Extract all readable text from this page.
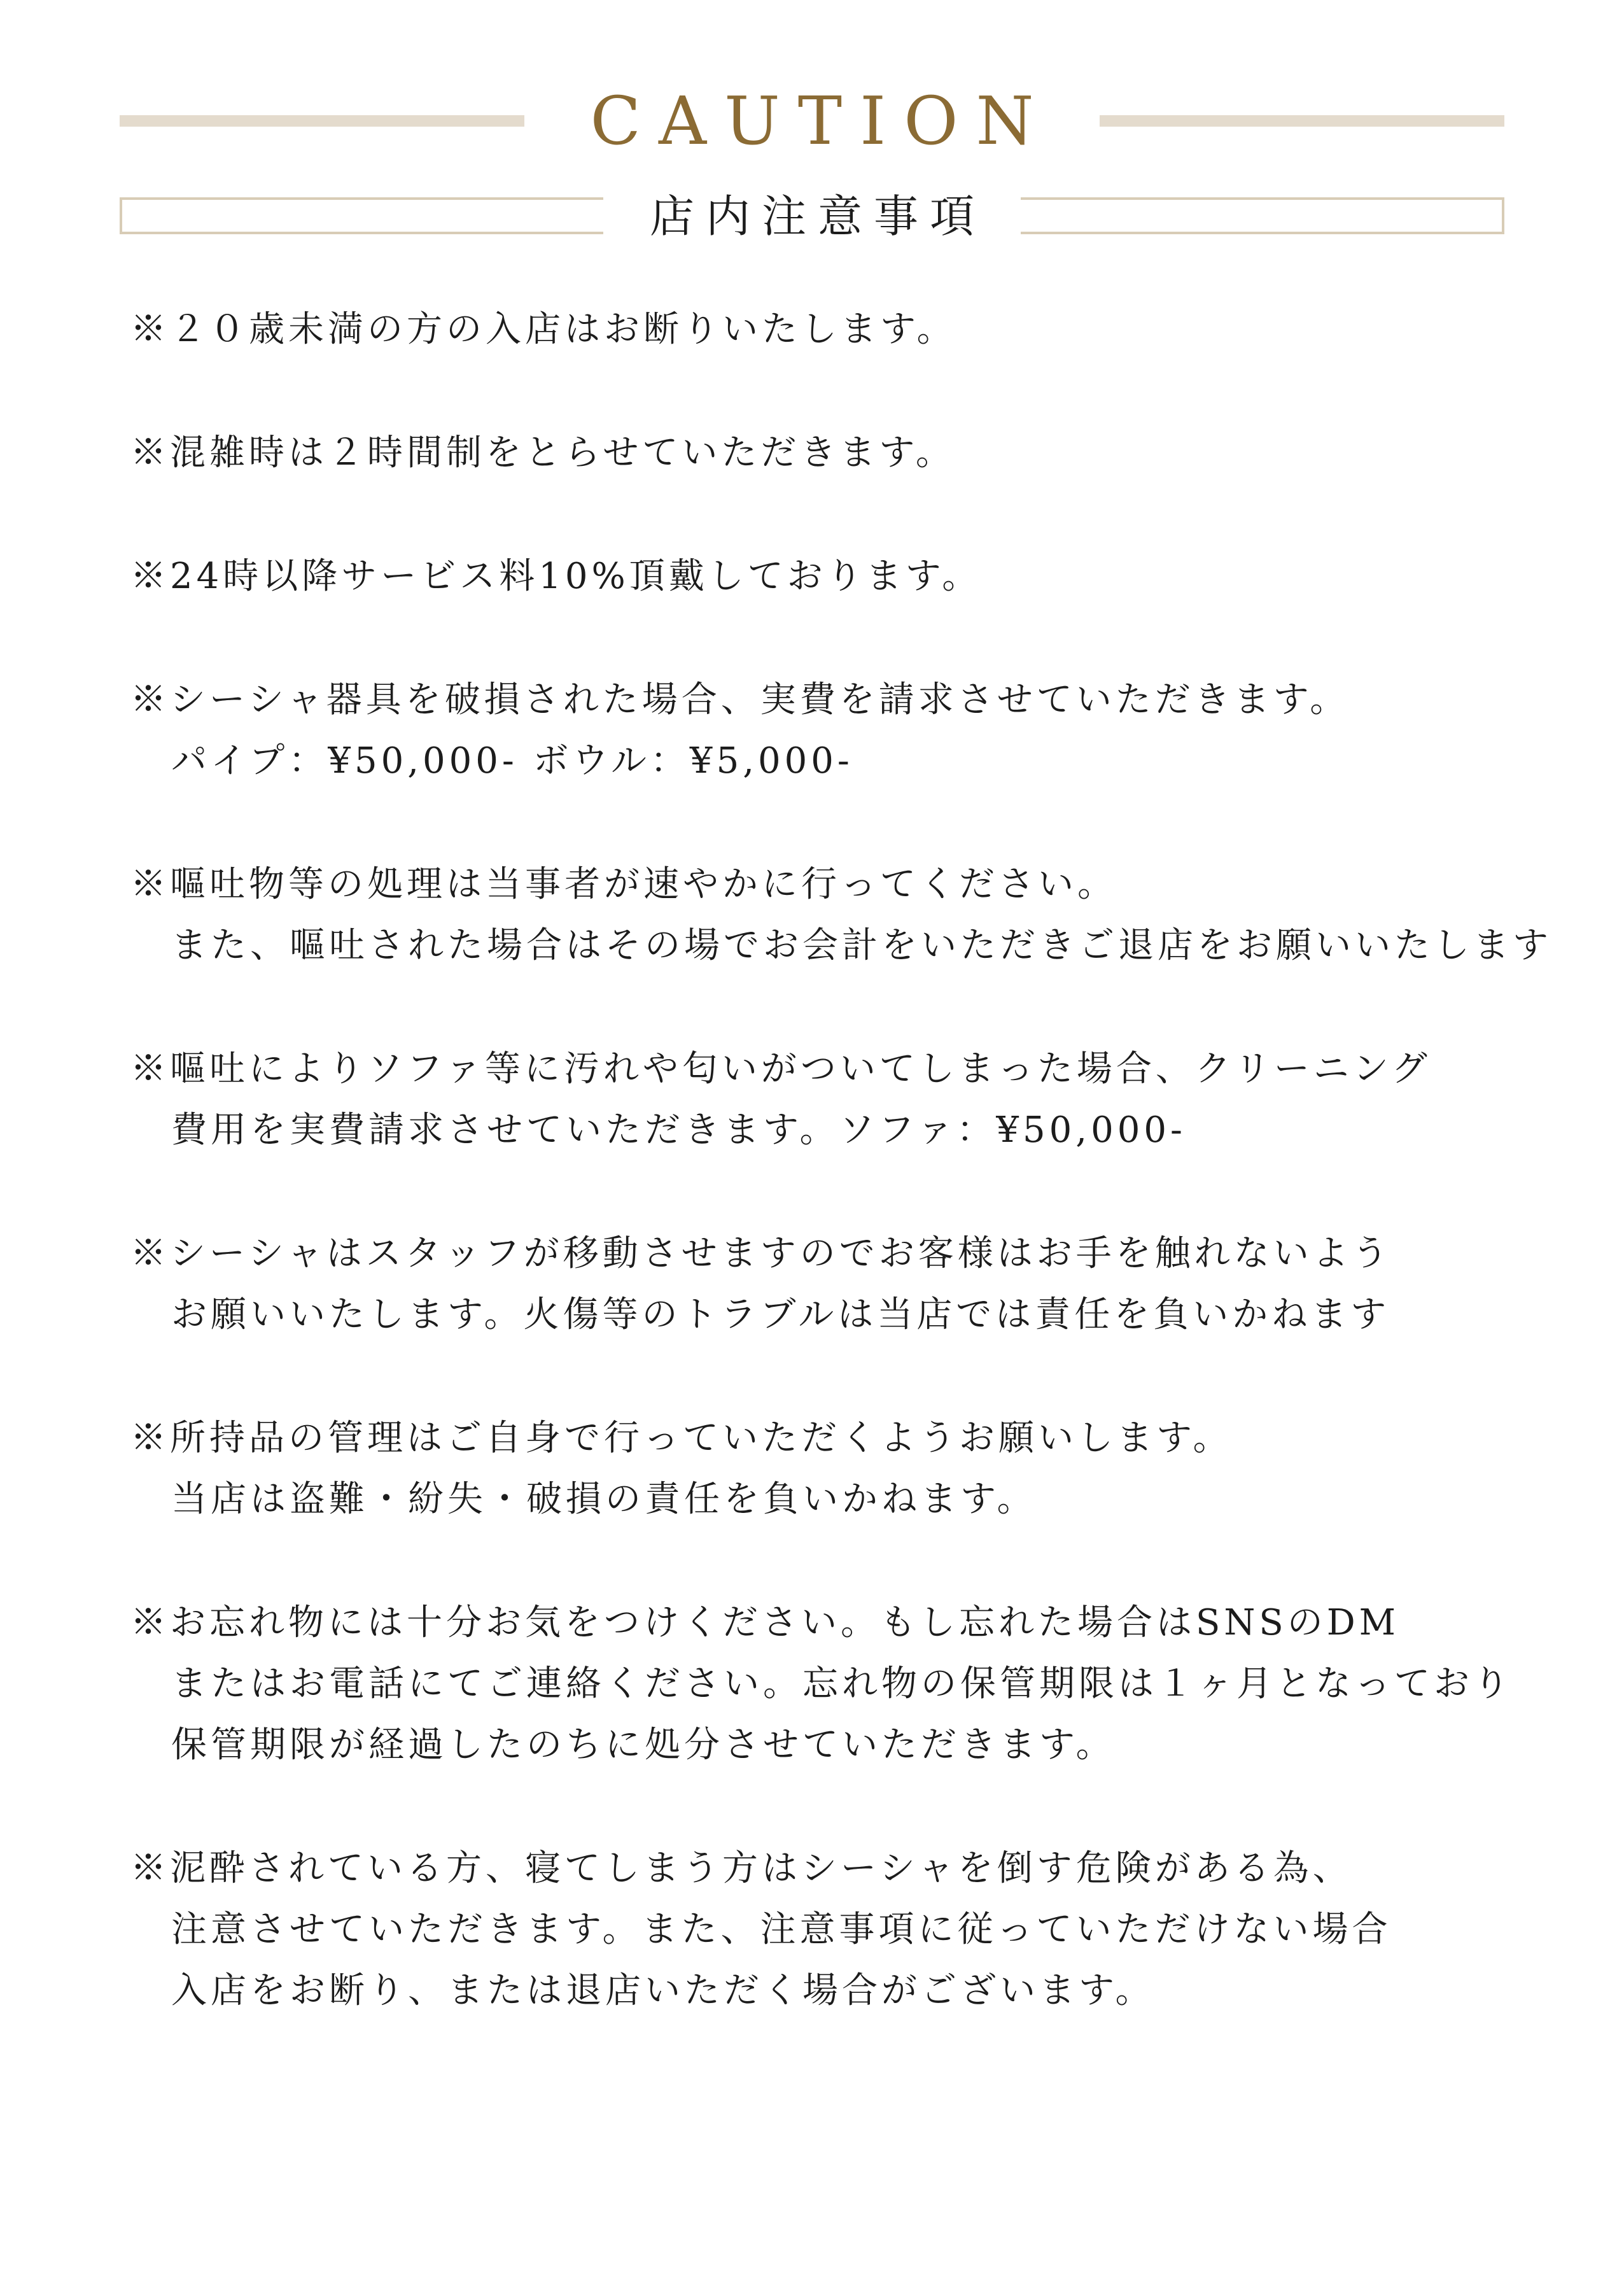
CAUTION
店内注意事項
※２０歳未満の方の入店はお断りいたします。
※混雑時は２時間制をとらせていただきます。
※24時以降サービス料10%頂戴しております。
※シーシャ器具を破損された場合、実費を請求させていただきます。
パイプ：¥50,000- ボウル：¥5,000-
※嘔吐物等の処理は当事者が速やかに行ってください。
また、嘔吐された場合はその場でお会計をいただきご退店をお願いいたします
※嘔吐によりソファ等に汚れや匂いがついてしまった場合、クリーニング
費用を実費請求させていただきます。ソファ：¥50,000-
※シーシャはスタッフが移動させますのでお客様はお手を触れないよう
お願いいたします。火傷等のトラブルは当店では責任を負いかねます
※所持品の管理はご自身で行っていただくようお願いします。
当店は盗難・紛失・破損の責任を負いかねます。
※お忘れ物には十分お気をつけください。もし忘れた場合はSNSのDM
またはお電話にてご連絡ください。忘れ物の保管期限は１ヶ月となっており
保管期限が経過したのちに処分させていただきます。
※泥酔されている方、寝てしまう方はシーシャを倒す危険がある為、
注意させていただきます。また、注意事項に従っていただけない場合
入店をお断り、または退店いただく場合がございます。
